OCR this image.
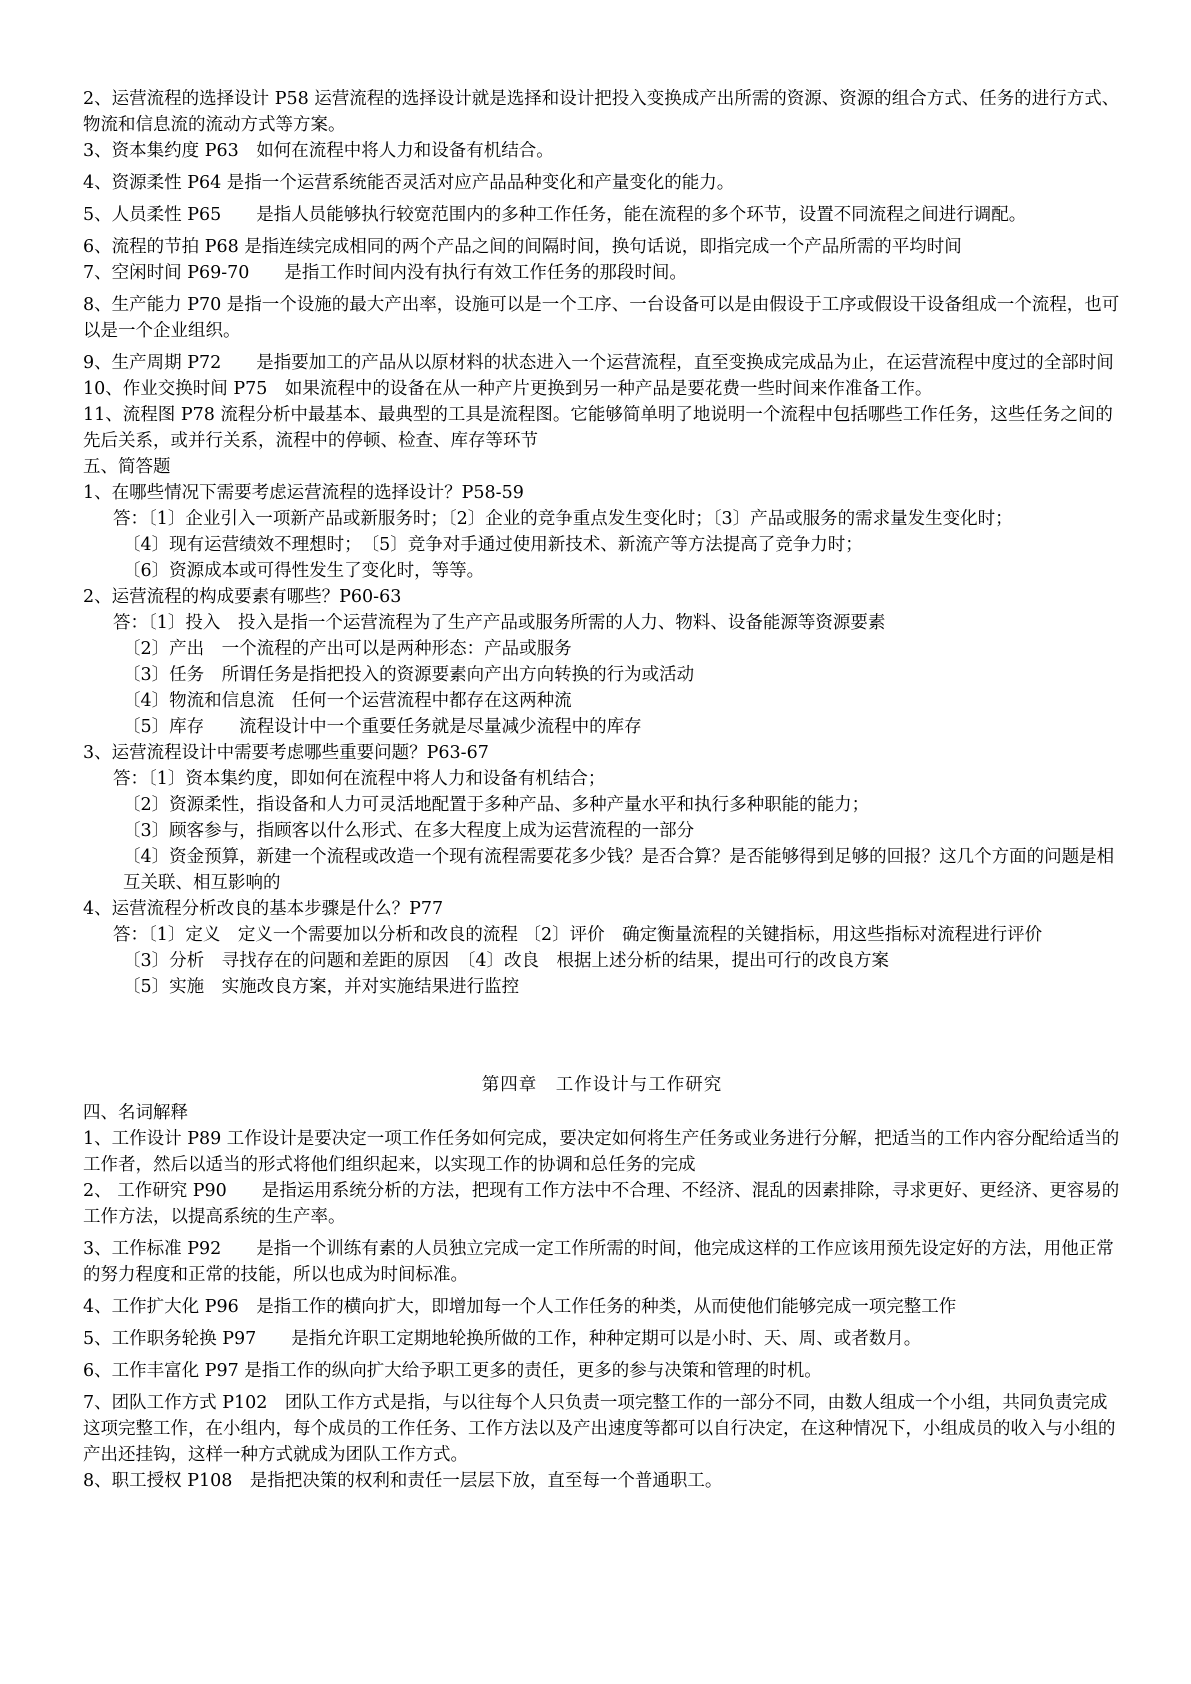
2、运营流程的选择设计 P58 运营流程的选择设计就是选择和设计把投入变换成产出所需的资源、资源的组合方式、任务的进行方式、物流和信息流的流动方式等方案。

3、资本集约度 P63　如何在流程中将人力和设备有机结合。

4、资源柔性 P64 是指一个运营系统能否灵活对应产品品种变化和产量变化的能力。

5、人员柔性 P65　　是指人员能够执行较宽范围内的多种工作任务，能在流程的多个环节，设置不同流程之间进行调配。

6、流程的节拍 P68 是指连续完成相同的两个产品之间的间隔时间，换句话说，即指完成一个产品所需的平均时间

7、空闲时间 P69-70　　是指工作时间内没有执行有效工作任务的那段时间。

8、生产能力 P70 是指一个设施的最大产出率，设施可以是一个工序、一台设备可以是由假设于工序或假设干设备组成一个流程，也可以是一个企业组织。

9、生产周期 P72　　是指要加工的产品从以原材料的状态进入一个运营流程，直至变换成完成品为止，在运营流程中度过的全部时间

10、作业交换时间 P75　如果流程中的设备在从一种产片更换到另一种产品是要花费一些时间来作准备工作。

11、流程图 P78 流程分析中最基本、最典型的工具是流程图。它能够简单明了地说明一个流程中包括哪些工作任务，这些任务之间的先后关系，或并行关系，流程中的停顿、检查、库存等环节

五、简答题

1、在哪些情况下需要考虑运营流程的选择设计？P58-59

答：〔1〕企业引入一项新产品或新服务时；〔2〕企业的竞争重点发生变化时；〔3〕产品或服务的需求量发生变化时；

〔4〕现有运营绩效不理想时；　〔5〕竞争对手通过使用新技术、新流产等方法提高了竞争力时；

〔6〕资源成本或可得性发生了变化时，等等。

2、运营流程的构成要素有哪些？P60-63

答：〔1〕投入　投入是指一个运营流程为了生产产品或服务所需的人力、物料、设备能源等资源要素

〔2〕产出　一个流程的产出可以是两种形态：产品或服务

〔3〕任务　所谓任务是指把投入的资源要素向产出方向转换的行为或活动

〔4〕物流和信息流　任何一个运营流程中都存在这两种流

〔5〕库存　　流程设计中一个重要任务就是尽量减少流程中的库存

3、运营流程设计中需要考虑哪些重要问题？P63-67

答：〔1〕资本集约度，即如何在流程中将人力和设备有机结合；

〔2〕资源柔性，指设备和人力可灵活地配置于多种产品、多种产量水平和执行多种职能的能力；

〔3〕顾客参与，指顾客以什么形式、在多大程度上成为运营流程的一部分

〔4〕资金预算，新建一个流程或改造一个现有流程需要花多少钱？是否合算？是否能够得到足够的回报？这几个方面的问题是相互关联、相互影响的

4、运营流程分析改良的基本步骤是什么？P77

答：〔1〕定义　定义一个需要加以分析和改良的流程 〔2〕评价　确定衡量流程的关键指标，用这些指标对流程进行评价

〔3〕分析　寻找存在的问题和差距的原因　〔4〕改良　根据上述分析的结果，提出可行的改良方案

〔5〕实施　实施改良方案，并对实施结果进行监控

第四章　工作设计与工作研究

四、名词解释

1、工作设计 P89 工作设计是要决定一项工作任务如何完成，要决定如何将生产任务或业务进行分解，把适当的工作内容分配给适当的工作者，然后以适当的形式将他们组织起来，以实现工作的协调和总任务的完成

2、 工作研究 P90　　是指运用系统分析的方法，把现有工作方法中不合理、不经济、混乱的因素排除，寻求更好、更经济、更容易的工作方法，以提高系统的生产率。

3、工作标准 P92　　是指一个训练有素的人员独立完成一定工作所需的时间，他完成这样的工作应该用预先设定好的方法，用他正常的努力程度和正常的技能，所以也成为时间标准。

4、工作扩大化 P96　是指工作的横向扩大，即增加每一个人工作任务的种类，从而使他们能够完成一项完整工作

5、工作职务轮换 P97　　是指允许职工定期地轮换所做的工作，种种定期可以是小时、天、周、或者数月。

6、工作丰富化 P97 是指工作的纵向扩大给予职工更多的责任，更多的参与决策和管理的时机。

7、团队工作方式 P102　团队工作方式是指，与以往每个人只负责一项完整工作的一部分不同，由数人组成一个小组，共同负责完成这项完整工作，在小组内，每个成员的工作任务、工作方法以及产出速度等都可以自行决定，在这种情况下，小组成员的收入与小组的产出还挂钩，这样一种方式就成为团队工作方式。

8、职工授权 P108　是指把决策的权利和责任一层层下放，直至每一个普通职工。
